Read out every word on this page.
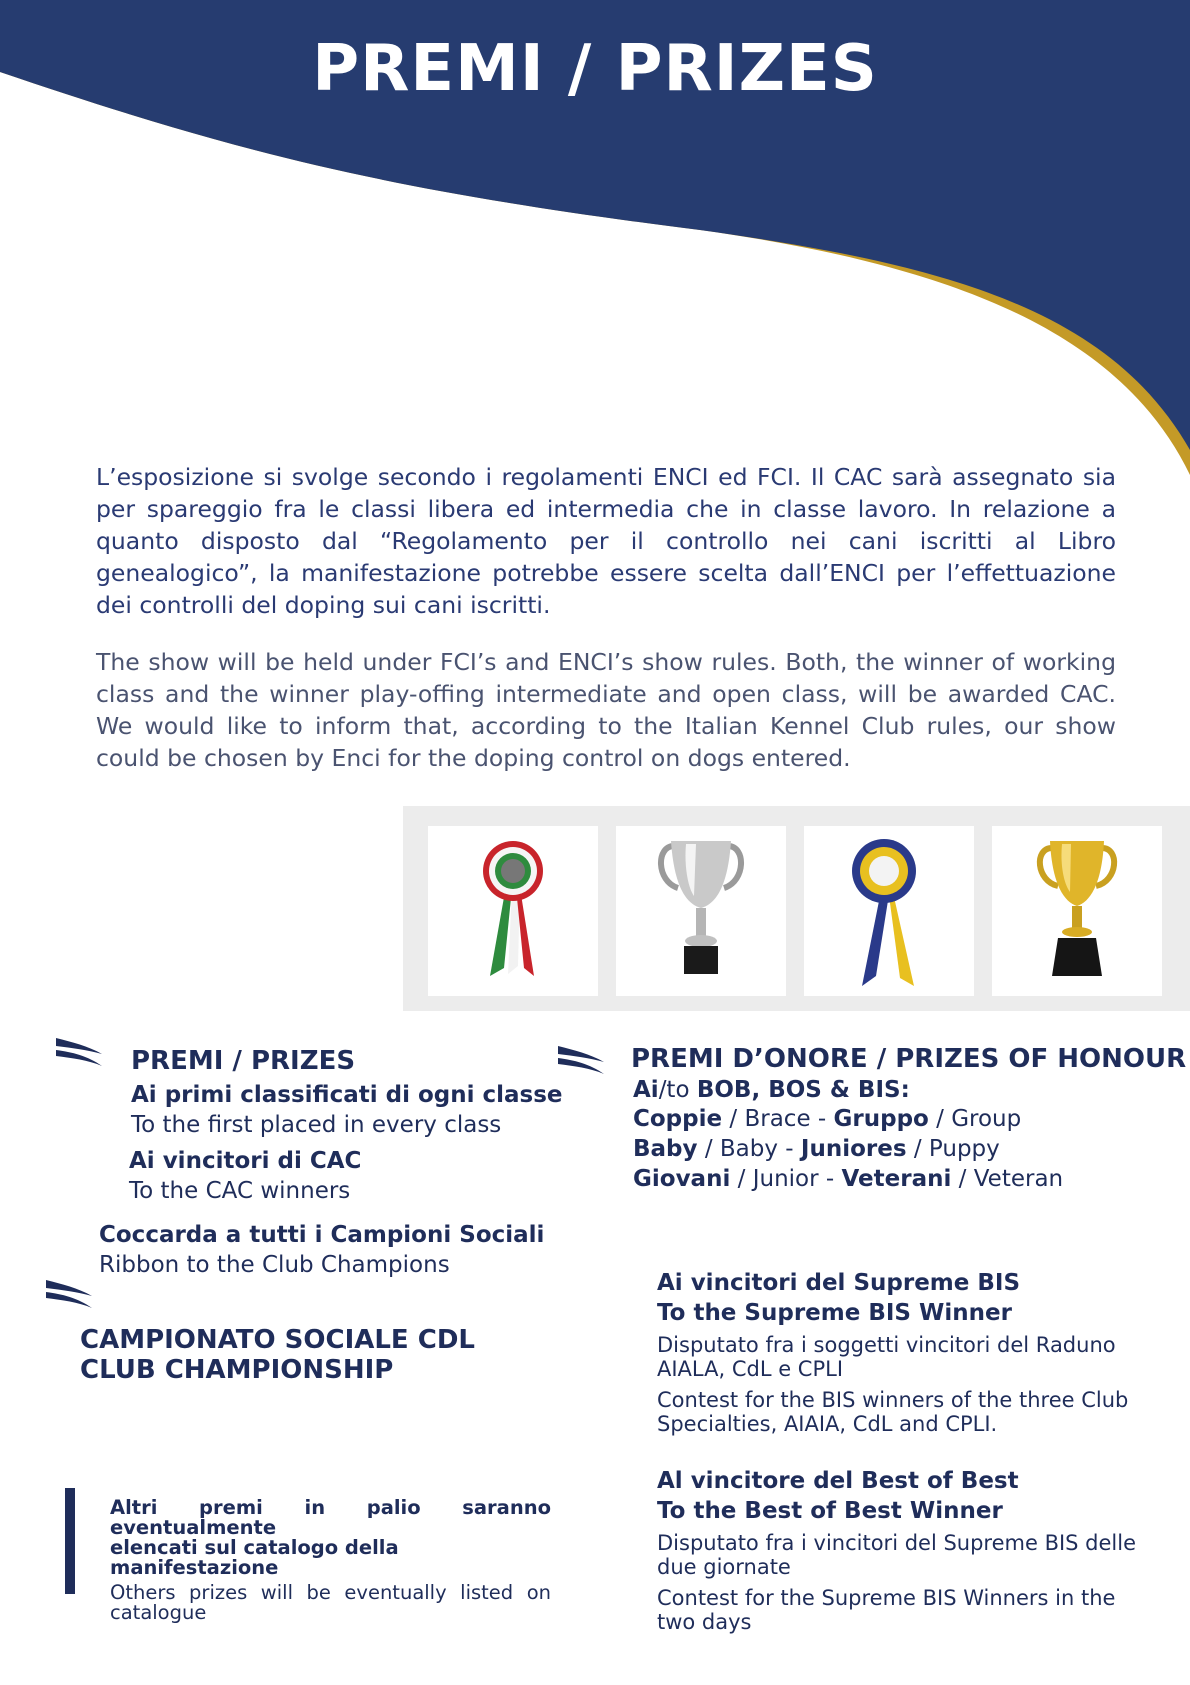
PREMI / PRIZES

L’esposizione si svolge secondo i regolamenti ENCI ed FCI. Il CAC sarà assegnato sia per spareggio fra le classi libera ed intermedia che in classe lavoro. In relazione a quanto disposto dal “Regolamento per il controllo nei cani iscritti al Libro genealogico”, la manifestazione potrebbe essere scelta dall’ENCI per l’effettuazione dei controlli del doping sui cani iscritti.

The show will be held under FCI’s and ENCI’s show rules. Both, the winner of working class and the winner play-offing intermediate and open class, will be awarded CAC. We would like to inform that, according to the Italian Kennel Club rules, our show could be chosen by Enci for the doping control on dogs entered.

PREMI / PRIZES

Ai primi classificati di ogni classe

To the first placed in every class

Ai vincitori di CAC

To the CAC winners

Coccarda a tutti i Campioni Sociali

Ribbon to the Club Champions

CAMPIONATO SOCIALE CDL
CLUB CHAMPIONSHIP

Altri premi in palio saranno eventualmente

elencati sul catalogo della manifestazione

Others prizes will be eventually listed on

catalogue

PREMI D’ONORE / PRIZES OF HONOUR

Ai/to BOB, BOS & BIS:

Coppie / Brace - Gruppo / Group

Baby / Baby - Juniores / Puppy

Giovani / Junior - Veterani / Veteran

Ai vincitori del Supreme BIS

To the Supreme BIS Winner

Disputato fra i soggetti vincitori del Raduno

AIALA, CdL e CPLI

Contest for the BIS winners of the three Club

Specialties, AIAIA, CdL and CPLI.

Al vincitore del Best of Best

To the Best of Best Winner

Disputato fra i vincitori del Supreme BIS delle

due giornate

Contest for the Supreme BIS Winners in the

two days
